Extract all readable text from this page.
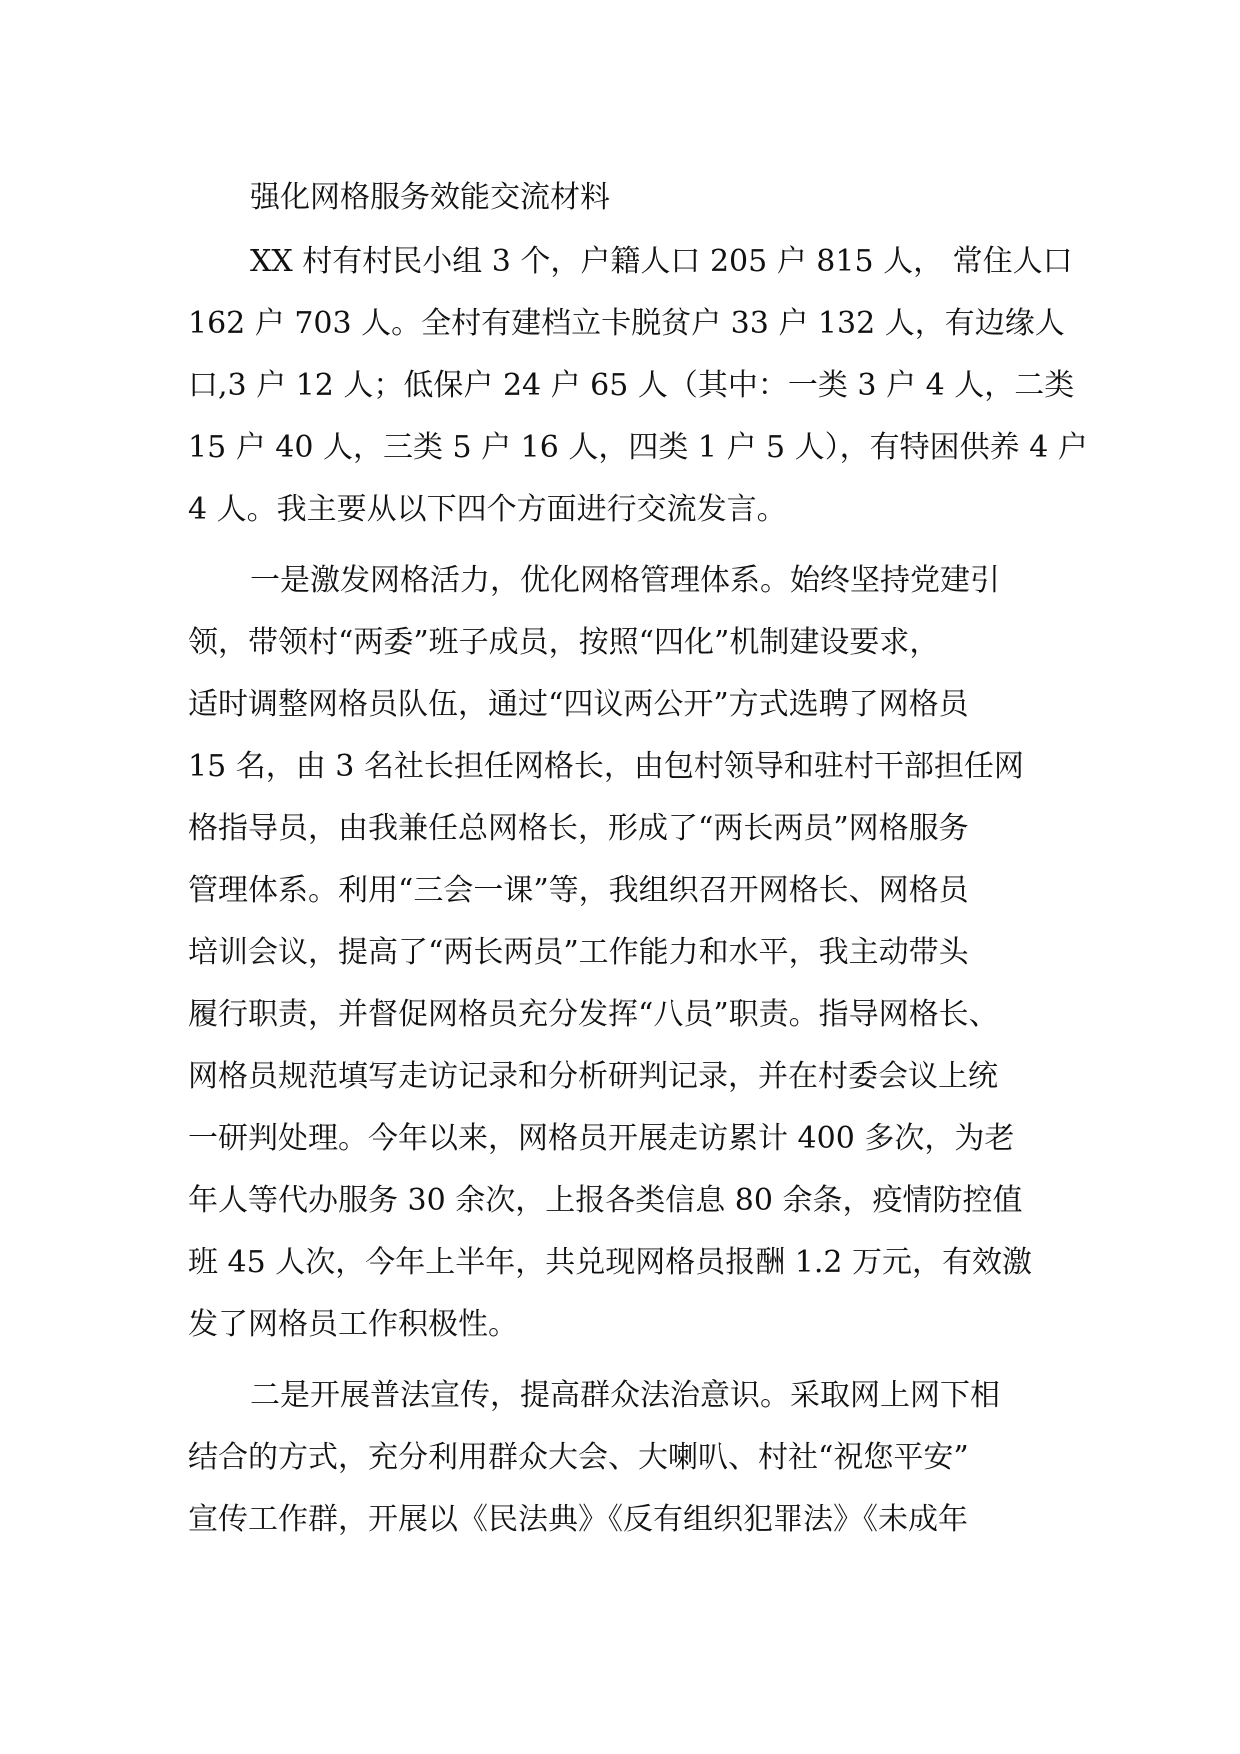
强化网格服务效能交流材料

XX 村有村民小组 3 个，户籍人口 205 户 815 人， 常住人口

162 户 703 人。全村有建档立卡脱贫户 33 户 132 人，有边缘人

口,3 户 12 人；低保户 24 户 65 人（其中：一类 3 户 4 人，二类

15 户 40 人，三类 5 户 16 人，四类 1 户 5 人），有特困供养 4 户

4 人。我主要从以下四个方面进行交流发言。

一是激发网格活力，优化网格管理体系。始终坚持党建引

领，带领村“两委”班子成员，按照“四化”机制建设要求，

适时调整网格员队伍，通过“四议两公开”方式选聘了网格员

15 名，由 3 名社长担任网格长，由包村领导和驻村干部担任网

格指导员，由我兼任总网格长，形成了“两长两员”网格服务

管理体系。利用“三会一课”等，我组织召开网格长、网格员

培训会议，提高了“两长两员”工作能力和水平，我主动带头

履行职责，并督促网格员充分发挥“八员”职责。指导网格长、

网格员规范填写走访记录和分析研判记录，并在村委会议上统

一研判处理。今年以来，网格员开展走访累计 400 多次，为老

年人等代办服务 30 余次，上报各类信息 80 余条，疫情防控值

班 45 人次，今年上半年，共兑现网格员报酬 1.2 万元，有效激

发了网格员工作积极性。

二是开展普法宣传，提高群众法治意识。采取网上网下相

结合的方式，充分利用群众大会、大喇叭、村社“祝您平安”

宣传工作群，开展以《民法典》《反有组织犯罪法》《未成年
